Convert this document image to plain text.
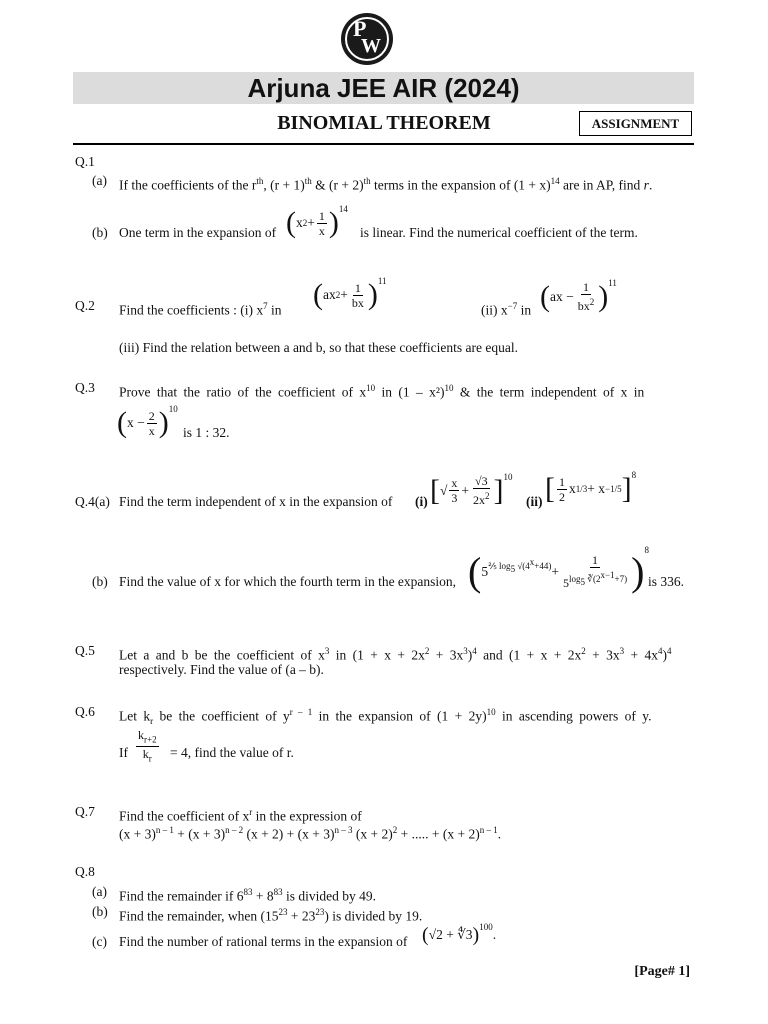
P
W
Arjuna JEE AIR (2024)
BINOMIAL THEOREM	ASSIGNMENT
Q.1
(a) If the coefficients of the $r^{th}$, $(r + 1)^{th}$ & $(r + 2)^{th}$ terms in the expansion of $(1 + x)^{14}$ are in AP, find r.
(b) One term in the expansion of ( x $2 + \frac{1}{x} )^{14}$
is linear. Find the numerical coefficient of the term.
Q.2 Find the coefficients : (i) $x^7$ in ( ax $2 + \frac{1}{bx} )^{11}$
(ii) $x^{-7}$ in ( ax − $\frac{1}{bx^2} )^{11}$
(iii) Find the relation between a and b, so that these coefficients are equal.
Q.3 Prove that the ratio of the coefficient of $x^{10}$ in (1 – x²)$^{10}$ & the term independent of x in
( $x - \frac{2}{x} )^{10}$
is 1 : 32.
Q.4(a) Find the term independent of x in the expansion of (i) [ √ $\frac{x}{3} + \frac{√3}{2x^2} ]^{10}$
(ii) [ $\frac{1}{2}$ x 1/3 + x −1/5 ]$^8$
(b) Find the value of x for which the fourth term in the expansion, ( $5^{\frac{2}{5} log_5 √(4^x+44)} + \frac{1}{5^{log_5 ∛(2^{x-1}+7)}} )^8$
is 336.
Q.5 Let a and b be the coefficient of $x^3$ in $(1 + x + 2x^2 + 3x^3)^4$ and $(1 + x + 2x^2 + 3x^3 + 4x^4)^4$
respectively. Find the value of (a – b).
Q.6 Let $k_r$ be the coefficient of $y^{r - 1}$ in the expansion of $(1 + 2y)^{10}$ in ascending powers of y.
If $\frac{k_{r+2}}{k_r} = 4$, find the value of r.
Q.7 Find the coefficient of $x^r$ in the expression of
$(x + 3)^{n - 1} + (x + 3)^{n - 2}$ $(x + 2) + (x + 3)^{n - 3}$ $(x + 2)^2$ + ..... + $(x + 2)^{n - 1}$.
Q.8
(a) Find the remainder if $6^{83} + 8^{83}$ is divided by 49.
(b) Find the remainder, when $(15^{23} + 23^{23})$ is divided by 19.
(c) Find the number of rational terms in the expansion of ( √2 + ∜3 )$^{100}$ .
[Page# 1]
